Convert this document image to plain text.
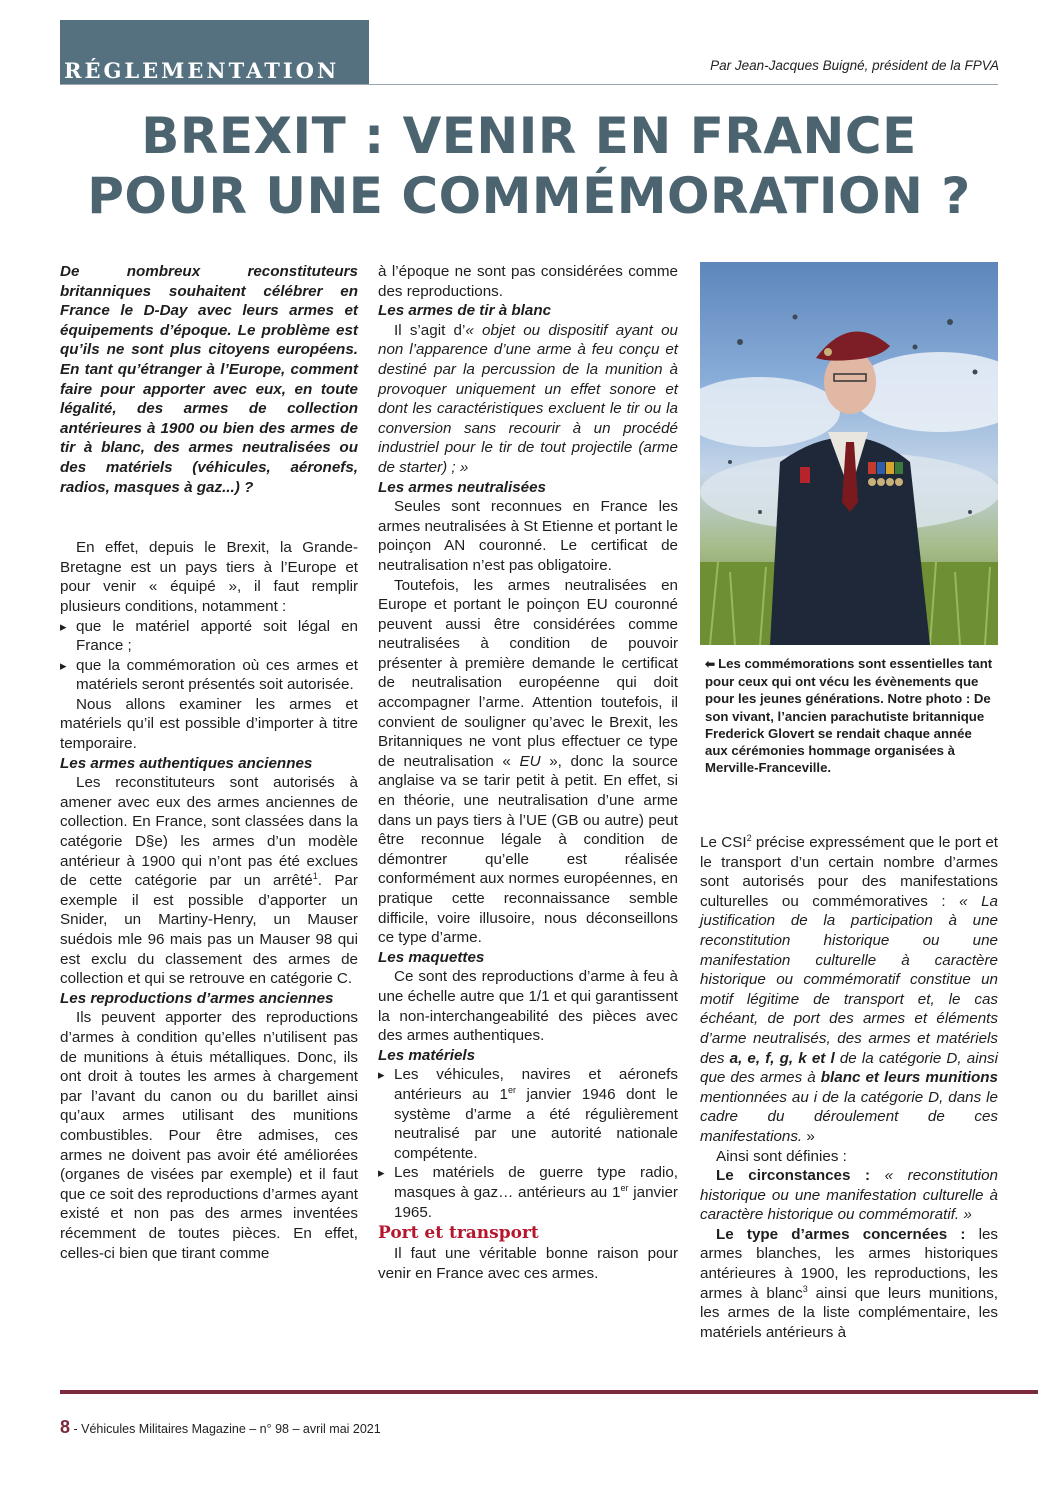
RÉGLEMENTATION	Par Jean-Jacques Buigné, président de la FPVA
BREXIT : VENIR EN FRANCE
POUR UNE COMMÉMORATION ?

De nombreux reconstituteurs britanniques souhaitent célébrer en France le D-Day avec leurs armes et équipements d’époque. Le problème est qu’ils ne sont plus citoyens européens. En tant qu’étranger à l’Europe, comment faire pour apporter avec eux, en toute légalité, des armes de collection antérieures à 1900 ou bien des armes de tir à blanc, des armes neutralisées ou des matériels (véhicules, aéronefs, radios, masques à gaz...) ?

En effet, depuis le Brexit, la Grande-Bretagne est un pays tiers à l’Europe et pour venir « équipé », il faut remplir plusieurs conditions, notamment :

▸ que le matériel apporté soit légal en France ;
▸ que la commémoration où ces armes et matériels seront présentés soit autorisée.

Nous allons examiner les armes et matériels qu’il est possible d’importer à titre temporaire.

Les armes authentiques anciennes

Les reconstituteurs sont autorisés à amener avec eux des armes anciennes de collection. En France, sont classées dans la catégorie D§e) les armes d’un modèle antérieur à 1900 qui n’ont pas été exclues de cette catégorie par un arrêté$^1$. Par exemple il est possible d’apporter un Snider, un Martiny-Henry, un Mauser suédois mle 96 mais pas un Mauser 98 qui est exclu du classement des armes de collection et qui se retrouve en catégorie C.

Les reproductions d’armes anciennes

Ils peuvent apporter des reproductions d’armes à condition qu’elles n’utilisent pas de munitions à étuis métalliques. Donc, ils ont droit à toutes les armes à chargement par l’avant du canon ou du barillet ainsi qu’aux armes utilisant des munitions combustibles. Pour être admises, ces armes ne doivent pas avoir été améliorées (organes de visées par exemple) et il faut que ce soit des reproductions d’armes ayant existé et non pas des armes inventées récemment de toutes pièces. En effet, celles-ci bien que tirant comme

à l’époque ne sont pas considérées comme des reproductions.

Les armes de tir à blanc

Il s’agit d’« objet ou dispositif ayant ou non l’apparence d’une arme à feu conçu et destiné par la percussion de la munition à provoquer uniquement un effet sonore et dont les caractéristiques excluent le tir ou la conversion sans recourir à un procédé industriel pour le tir de tout projectile (arme de starter) ; »

Les armes neutralisées

Seules sont reconnues en France les armes neutralisées à St Etienne et portant le poinçon AN couronné. Le certificat de neutralisation n’est pas obligatoire.

Toutefois, les armes neutralisées en Europe et portant le poinçon EU couronné peuvent aussi être considérées comme neutralisées à condition de pouvoir présenter à première demande le certificat de neutralisation européenne qui doit accompagner l’arme. Attention toutefois, il convient de souligner qu’avec le Brexit, les Britanniques ne vont plus effectuer ce type de neutralisation « EU », donc la source anglaise va se tarir petit à petit. En effet, si en théorie, une neutralisation d’une arme dans un pays tiers à l’UE (GB ou autre) peut être reconnue légale à condition de démontrer qu’elle est réalisée conformément aux normes européennes, en pratique cette reconnaissance semble difficile, voire illusoire, nous déconseillons ce type d’arme.

Les maquettes

Ce sont des reproductions d’arme à feu à une échelle autre que 1/1 et qui garantissent la non-interchangeabilité des pièces avec des armes authentiques.

Les matériels

▸ Les véhicules, navires et aéronefs antérieurs au 1er janvier 1946 dont le système d’arme a été régulièrement neutralisé par une autorité nationale compétente.
▸ Les matériels de guerre type radio, masques à gaz… antérieurs au 1er janvier 1965.

Port et transport

Il faut une véritable bonne raison pour venir en France avec ces armes.

⬅ Les commémorations sont essentielles tant pour ceux qui ont vécu les évènements que pour les jeunes générations. Notre photo : De son vivant, l’ancien parachutiste britannique Frederick Glovert se rendait chaque année aux cérémonies hommage organisées à Merville-Franceville.

Le CSI$^2$ précise expressément que le port et le transport d’un certain nombre d’armes sont autorisés pour des manifestations culturelles ou commémoratives : « La justification de la participation à une reconstitution historique ou une manifestation culturelle à caractère historique ou commémoratif constitue un motif légitime de transport et, le cas échéant, de port des armes et éléments d’arme neutralisés, des armes et matériels des a, e, f, g, k et l de la catégorie D, ainsi que des armes à blanc et leurs munitions mentionnées au i de la catégorie D, dans le cadre du déroulement de ces manifestations. »

Ainsi sont définies :

Le circonstances : « reconstitution historique ou une manifestation culturelle à caractère historique ou commémoratif. »

Le type d’armes concernées : les armes blanches, les armes historiques antérieures à 1900, les reproductions, les armes à blanc$^3$ ainsi que leurs munitions, les armes de la liste complémentaire, les matériels antérieurs à

8 - Véhicules Militaires Magazine – n° 98 – avril mai 2021
